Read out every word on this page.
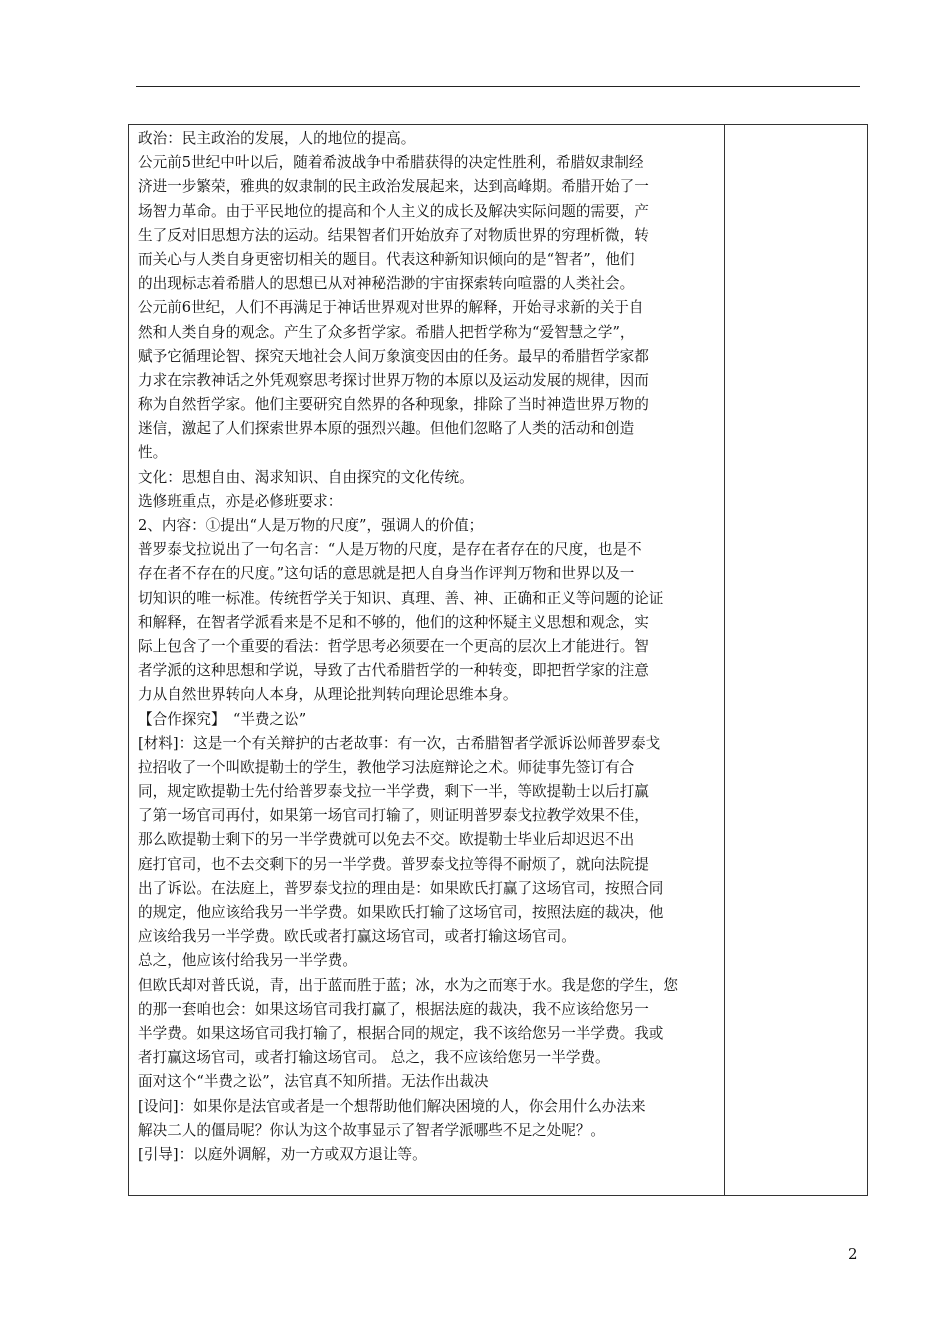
政治：民主政治的发展，人的地位的提高。
公元前5世纪中叶以后，随着希波战争中希腊获得的决定性胜利，希腊奴隶制经
济进一步繁荣，雅典的奴隶制的民主政治发展起来，达到高峰期。希腊开始了一
场智力革命。由于平民地位的提高和个人主义的成长及解决实际问题的需要，产
生了反对旧思想方法的运动。结果智者们开始放弃了对物质世界的穷理析微，转
而关心与人类自身更密切相关的题目。代表这种新知识倾向的是“智者”，他们
的出现标志着希腊人的思想已从对神秘浩渺的宇宙探索转向喧嚣的人类社会。
公元前6世纪，人们不再满足于神话世界观对世界的解释，开始寻求新的关于自
然和人类自身的观念。产生了众多哲学家。希腊人把哲学称为“爱智慧之学”，
赋予它循理论智、探究天地社会人间万象演变因由的任务。最早的希腊哲学家都
力求在宗教神话之外凭观察思考探讨世界万物的本原以及运动发展的规律，因而
称为自然哲学家。他们主要研究自然界的各种现象，排除了当时神造世界万物的
迷信，激起了人们探索世界本原的强烈兴趣。但他们忽略了人类的活动和创造
性。
文化：思想自由、渴求知识、自由探究的文化传统。
选修班重点，亦是必修班要求：
2、内容：①提出“人是万物的尺度”，强调人的价值；
普罗泰戈拉说出了一句名言：“人是万物的尺度，是存在者存在的尺度，也是不
存在者不存在的尺度。”这句话的意思就是把人自身当作评判万物和世界以及一
切知识的唯一标准。传统哲学关于知识、真理、善、神、正确和正义等问题的论证
和解释，在智者学派看来是不足和不够的，他们的这种怀疑主义思想和观念，实
际上包含了一个重要的看法：哲学思考必须要在一个更高的层次上才能进行。智
者学派的这种思想和学说，导致了古代希腊哲学的一种转变，即把哲学家的注意
力从自然世界转向人本身，从理论批判转向理论思维本身。
【合作探究】　“半费之讼”
[材料]：这是一个有关辩护的古老故事：有一次，古希腊智者学派诉讼师普罗泰戈
拉招收了一个叫欧提勒士的学生，教他学习法庭辩论之术。师徒事先签订有合
同，规定欧提勒士先付给普罗泰戈拉一半学费，剩下一半，等欧提勒士以后打赢
了第一场官司再付，如果第一场官司打输了，则证明普罗泰戈拉教学效果不佳，
那么欧提勒士剩下的另一半学费就可以免去不交。欧提勒士毕业后却迟迟不出
庭打官司，也不去交剩下的另一半学费。普罗泰戈拉等得不耐烦了，就向法院提
出了诉讼。在法庭上，普罗泰戈拉的理由是：如果欧氏打赢了这场官司，按照合同
的规定，他应该给我另一半学费。如果欧氏打输了这场官司，按照法庭的裁决，他
应该给我另一半学费。欧氏或者打赢这场官司，或者打输这场官司。
总之，他应该付给我另一半学费。
但欧氏却对普氏说，青，出于蓝而胜于蓝；冰，水为之而寒于水。我是您的学生，您
的那一套咱也会：如果这场官司我打赢了，根据法庭的裁决，我不应该给您另一
半学费。如果这场官司我打输了，根据合同的规定，我不该给您另一半学费。我或
者打赢这场官司，或者打输这场官司。 总之，我不应该给您另一半学费。
面对这个“半费之讼”，法官真不知所措。无法作出裁决
[设问]：如果你是法官或者是一个想帮助他们解决困境的人，你会用什么办法来
解决二人的僵局呢？你认为这个故事显示了智者学派哪些不足之处呢？。
[引导]：以庭外调解，劝一方或双方退让等。
2
